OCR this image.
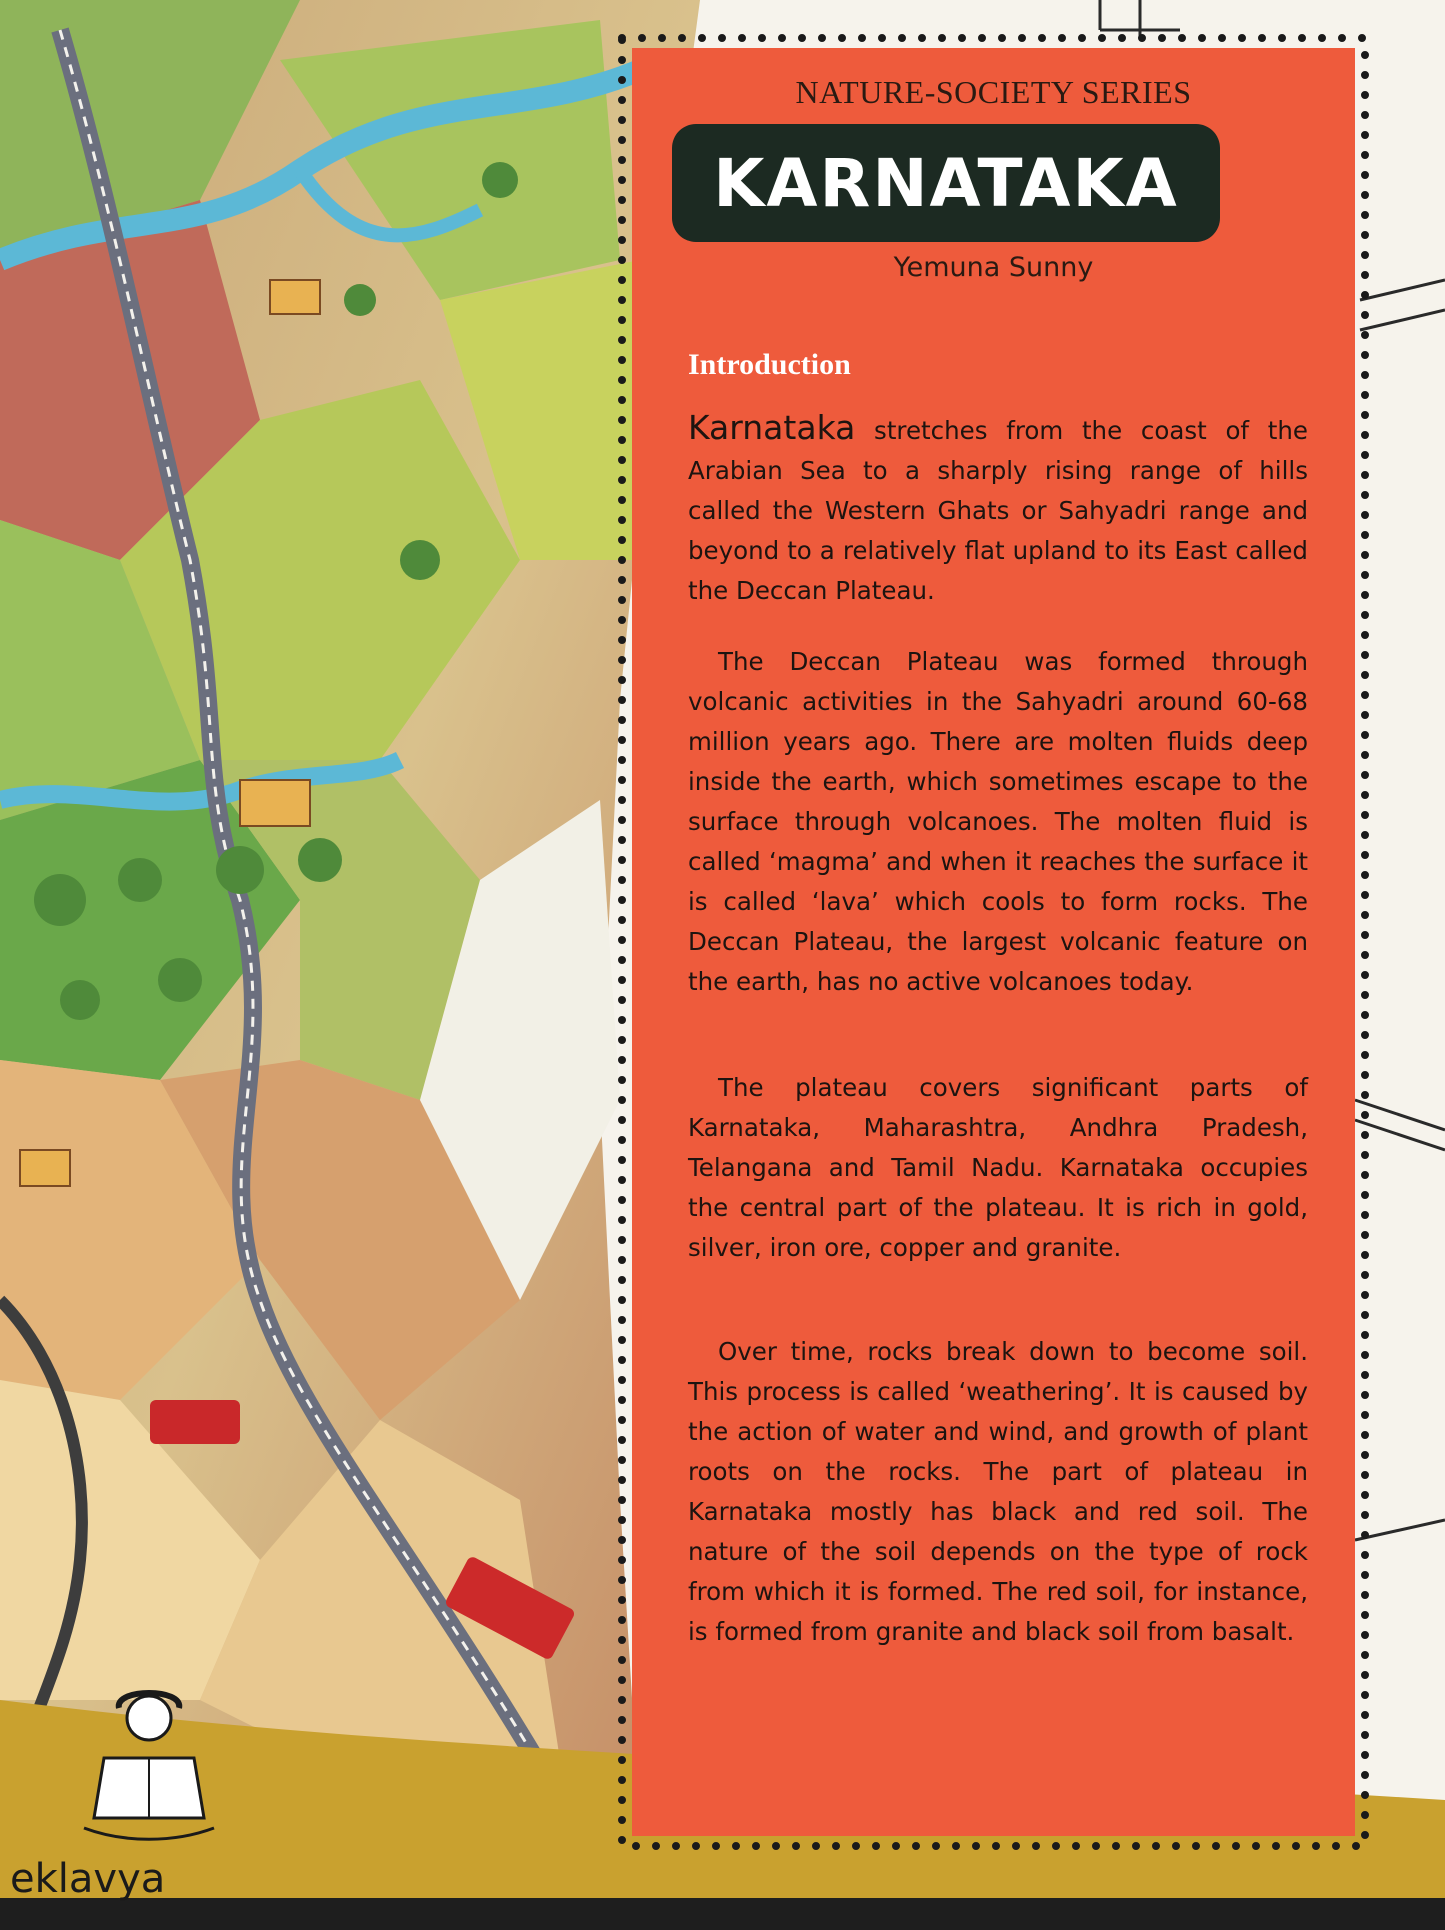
NATURE-SOCIETY SERIES
KARNATAKA
Yemuna Sunny
Introduction

Karnataka stretches from the coast of the Arabian Sea to a sharply rising range of hills called the Western Ghats or Sahyadri range and beyond to a relatively flat upland to its East called the Deccan Plateau.

The Deccan Plateau was formed through volcanic activities in the Sahyadri around 60-68 million years ago. There are molten fluids deep inside the earth, which sometimes escape to the surface through volcanoes. The molten fluid is called ‘magma’ and when it reaches the surface it is called ‘lava’ which cools to form rocks. The Deccan Plateau, the largest volcanic feature on the earth, has no active volcanoes today.

The plateau covers significant parts of Karnataka, Maharashtra, Andhra Pradesh, Telangana and Tamil Nadu. Karnataka occupies the central part of the plateau. It is rich in gold, silver, iron ore, copper and granite.

Over time, rocks break down to become soil. This process is called ‘weathering’. It is caused by the action of water and wind, and growth of plant roots on the rocks. The part of plateau in Karnataka mostly has black and red soil. The nature of the soil depends on the type of rock from which it is formed. The red soil, for instance, is formed from granite and black soil from basalt.

eklavya
